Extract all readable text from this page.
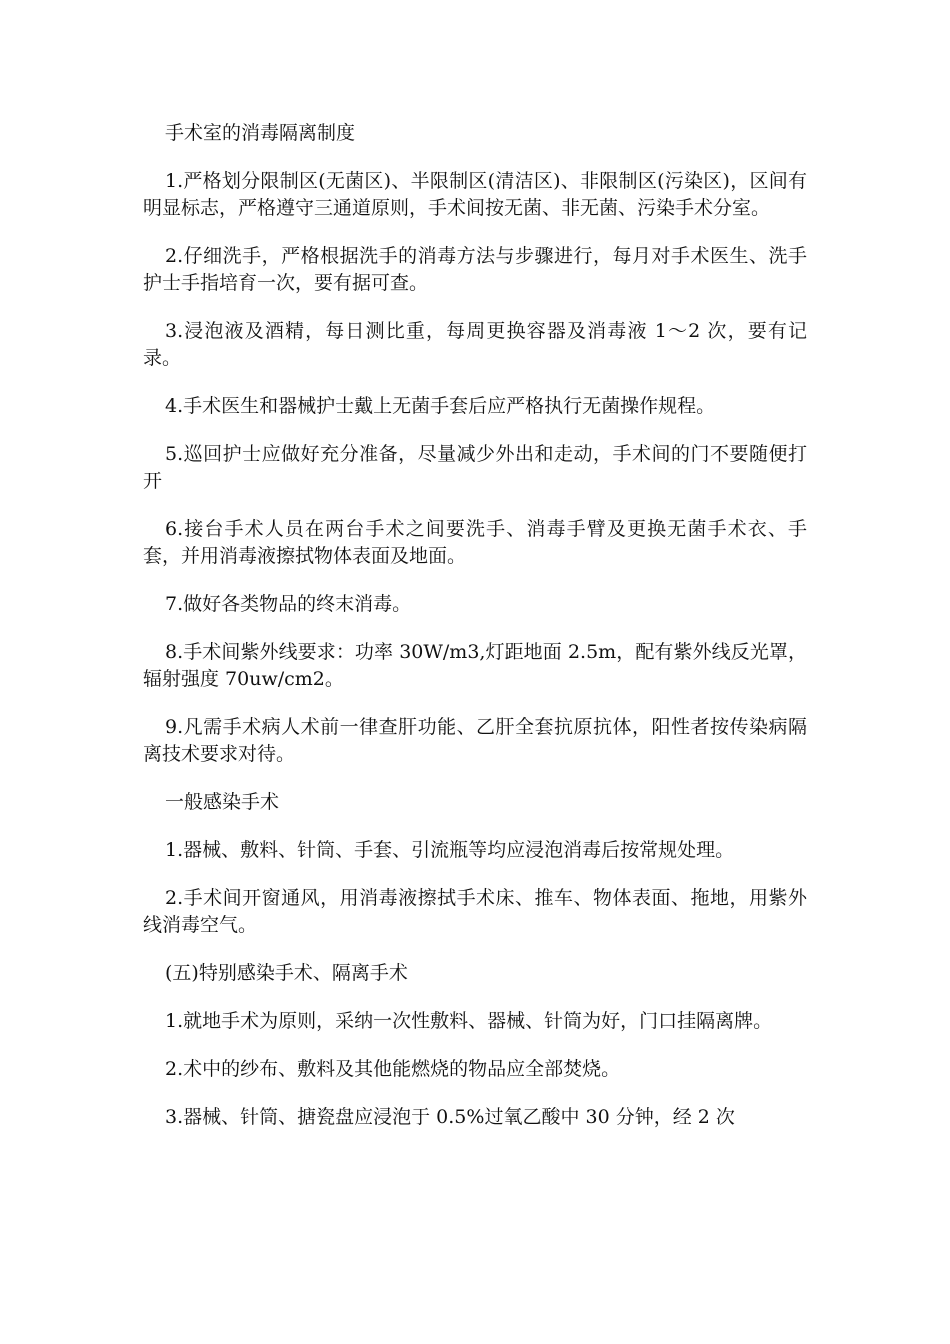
手术室的消毒隔离制度

1.严格划分限制区(无菌区)、半限制区(清洁区)、非限制区(污染区)，区间有明显标志，严格遵守三通道原则，手术间按无菌、非无菌、污染手术分室。

2.仔细洗手，严格根据洗手的消毒方法与步骤进行，每月对手术医生、洗手护士手指培育一次，要有据可查。

3.浸泡液及酒精，每日测比重，每周更换容器及消毒液 1～2 次，要有记录。

4.手术医生和器械护士戴上无菌手套后应严格执行无菌操作规程。

5.巡回护士应做好充分准备，尽量减少外出和走动，手术间的门不要随便打开

6.接台手术人员在两台手术之间要洗手、消毒手臂及更换无菌手术衣、手套，并用消毒液擦拭物体表面及地面。

7.做好各类物品的终末消毒。

8.手术间紫外线要求：功率 30W/m3,灯距地面 2.5m，配有紫外线反光罩，辐射强度 70uw/cm2。

9.凡需手术病人术前一律查肝功能、乙肝全套抗原抗体，阳性者按传染病隔离技术要求对待。

一般感染手术

1.器械、敷料、针筒、手套、引流瓶等均应浸泡消毒后按常规处理。

2.手术间开窗通风，用消毒液擦拭手术床、推车、物体表面、拖地，用紫外线消毒空气。

(五)特别感染手术、隔离手术

1.就地手术为原则，采纳一次性敷料、器械、针筒为好，门口挂隔离牌。

2.术中的纱布、敷料及其他能燃烧的物品应全部焚烧。

3.器械、针筒、搪瓷盘应浸泡于 0.5%过氧乙酸中 30 分钟，经 2 次
